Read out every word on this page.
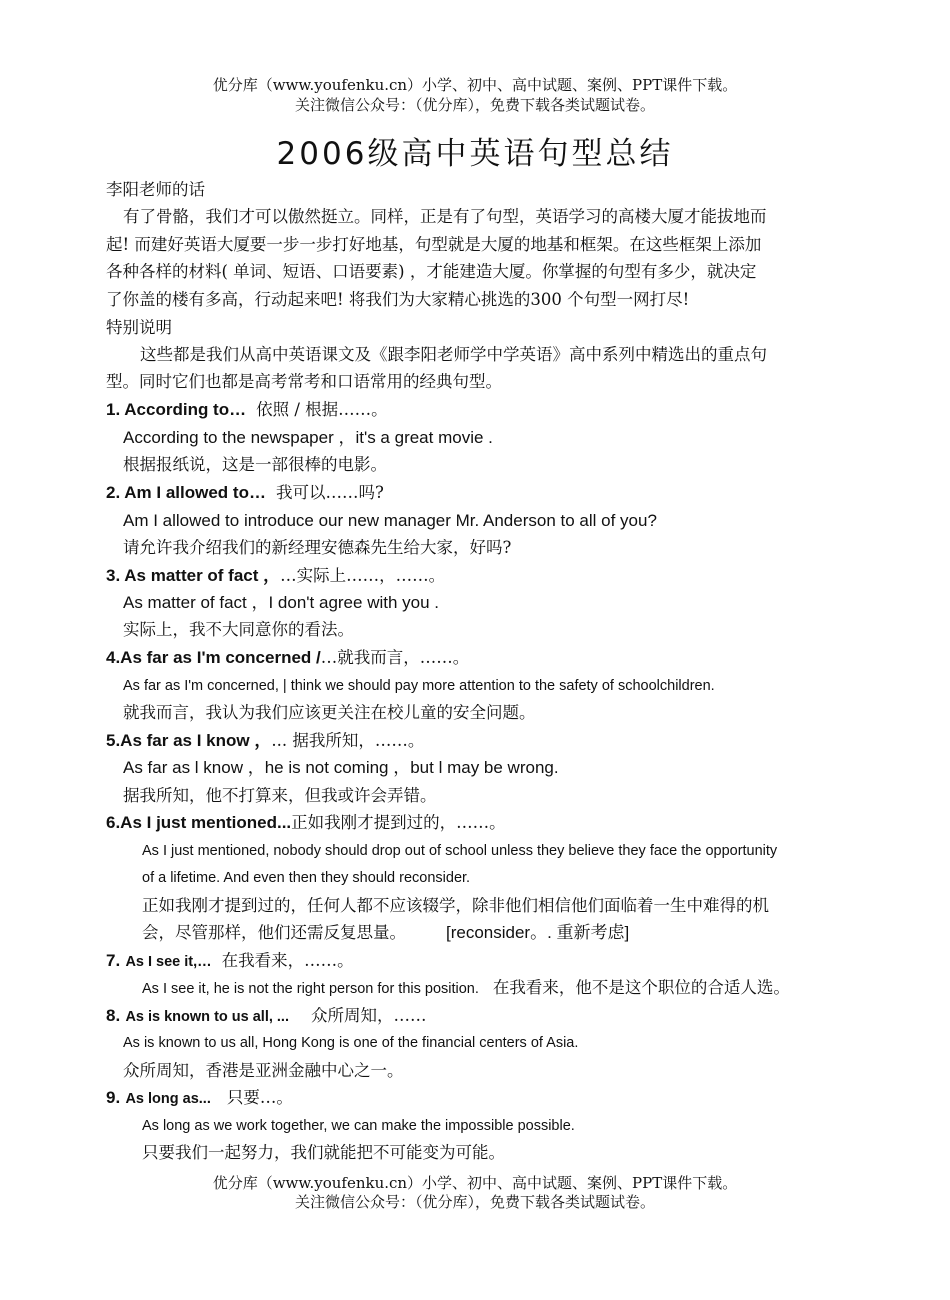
优分库（www.youfenku.cn）小学、初中、高中试题、案例、PPT课件下载。
关注微信公众号：（优分库），免费下载各类试题试卷。
2006级高中英语句型总结
李阳老师的话
有了骨骼，我们才可以傲然挺立。同样，正是有了句型，英语学习的高楼大厦才能拔地而
起! 而建好英语大厦要一步一步打好地基，句型就是大厦的地基和框架。在这些框架上添加
各种各样的材料( 单词、短语、口语要素) ，才能建造大厦。你掌握的句型有多少，就决定
了你盖的楼有多高，行动起来吧! 将我们为大家精心挑选的300 个句型一网打尽!
特别说明
这些都是我们从高中英语课文及《跟李阳老师学中学英语》高中系列中精选出的重点句
型。同时它们也都是高考常考和口语常用的经典句型。
1. According to… 依照 / 根据……。
According to the newspaper ，it's a great movie .
根据报纸说，这是一部很棒的电影。
2. Am I allowed to… 我可以……吗?
Am I allowed to introduce our new manager Mr. Anderson to all of you?
请允许我介绍我们的新经理安德森先生给大家，好吗?
3. As matter of fact ，…实际上……，……。
As matter of fact ，I don't agree with you .
实际上，我不大同意你的看法。
4.As far as I'm concerned /…就我而言，……。
As far as I'm concerned, | think we should pay more attention to the safety of schoolchildren.
就我而言，我认为我们应该更关注在校儿童的安全问题。
5.As far as I know ，... 据我所知，……。
As far as l know ，he is not coming ，but l may be wrong.
据我所知，他不打算来，但我或许会弄错。
6.As I just mentioned...正如我刚才提到过的，……。
As I just mentioned, nobody should drop out of school unless they believe they face the opportunity
of a lifetime. And even then they should reconsider.
正如我刚才提到过的，任何人都不应该辍学，除非他们相信他们面临着一生中难得的机
会，尽管那样，他们还需反复思量。 [reconsider。. 重新考虑]
7. As I see it,… 在我看来，……。
As I see it, he is not the right person for this position. 在我看来，他不是这个职位的合适人选。
8. As is known to us all, ... 众所周知，……
As is known to us all, Hong Kong is one of the financial centers of Asia.
众所周知，香港是亚洲金融中心之一。
9. As long as... 只要…。
As long as we work together, we can make the impossible possible.
只要我们一起努力，我们就能把不可能变为可能。
优分库（www.youfenku.cn）小学、初中、高中试题、案例、PPT课件下载。
关注微信公众号：（优分库），免费下载各类试题试卷。
